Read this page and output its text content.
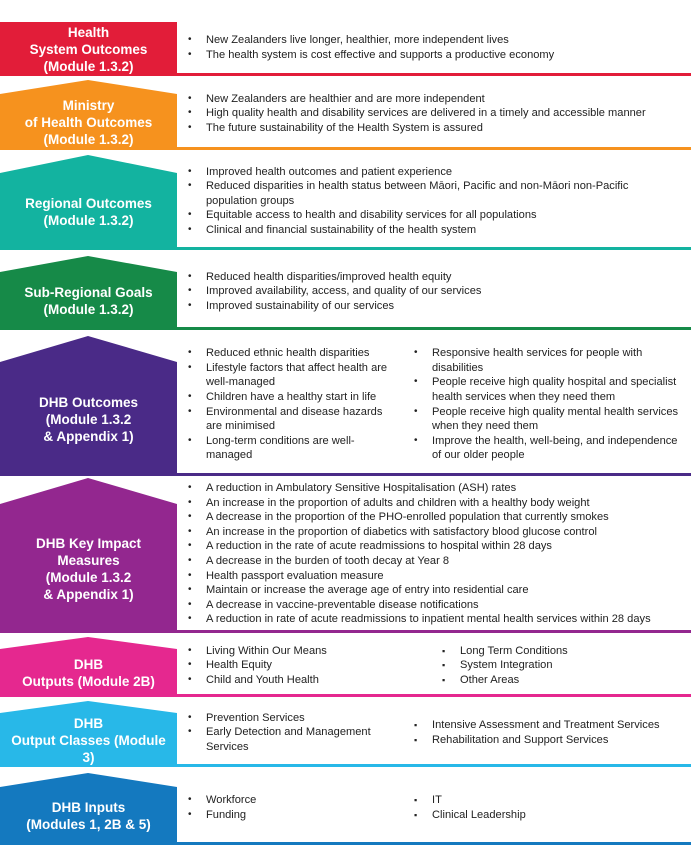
Health
System Outcomes
(Module 1.3.2)
• New Zealanders live longer, healthier, more independent lives
• The health system is cost effective and supports a productive economy
Ministry
of Health Outcomes
(Module 1.3.2)
• New Zealanders are healthier and are more independent
• High quality health and disability services are delivered in a timely and accessible manner
• The future sustainability of the Health System is assured
Regional Outcomes
(Module 1.3.2)
• Improved health outcomes and patient experience
• Reduced disparities in health status between Māori, Pacific and non-Māori non-Pacific population groups
• Equitable access to health and disability services for all populations
• Clinical and financial sustainability of the health system
Sub-Regional Goals
(Module 1.3.2)
• Reduced health disparities/improved health equity
• Improved availability, access, and quality of our services
• Improved sustainability of our services
DHB Outcomes
(Module 1.3.2
& Appendix 1)
• Reduced ethnic health disparities
• Lifestyle factors that affect health are well-managed
• Children have a healthy start in life
• Environmental and disease hazards are minimised
• Long-term conditions are well-managed
• Responsive health services for people with disabilities
• People receive high quality hospital and specialist health services when they need them
• People receive high quality mental health services when they need them
• Improve the health, well-being, and independence of our older people
DHB Key Impact
Measures
(Module 1.3.2
& Appendix 1)
• A reduction in Ambulatory Sensitive Hospitalisation (ASH) rates
• An increase in the proportion of adults and children with a healthy body weight
• A decrease in the proportion of the PHO-enrolled population that currently smokes
• An increase in the proportion of diabetics with satisfactory blood glucose control
• A reduction in the rate of acute readmissions to hospital within 28 days
• A decrease in the burden of tooth decay at Year 8
• Health passport evaluation measure
• Maintain or increase the average age of entry into residential care
• A decrease in vaccine-preventable disease notifications
• A reduction in rate of acute readmissions to inpatient mental health services within 28 days
DHB
Outputs (Module 2B)
• Living Within Our Means
• Health Equity
• Child and Youth Health
▪ Long Term Conditions
▪ System Integration
▪ Other Areas
DHB
Output Classes (Module 3)
• Prevention Services
• Early Detection and Management Services
▪ Intensive Assessment and Treatment Services
▪ Rehabilitation and Support Services
DHB Inputs
(Modules 1, 2B & 5)
• Workforce
• Funding
▪ IT
▪ Clinical Leadership
